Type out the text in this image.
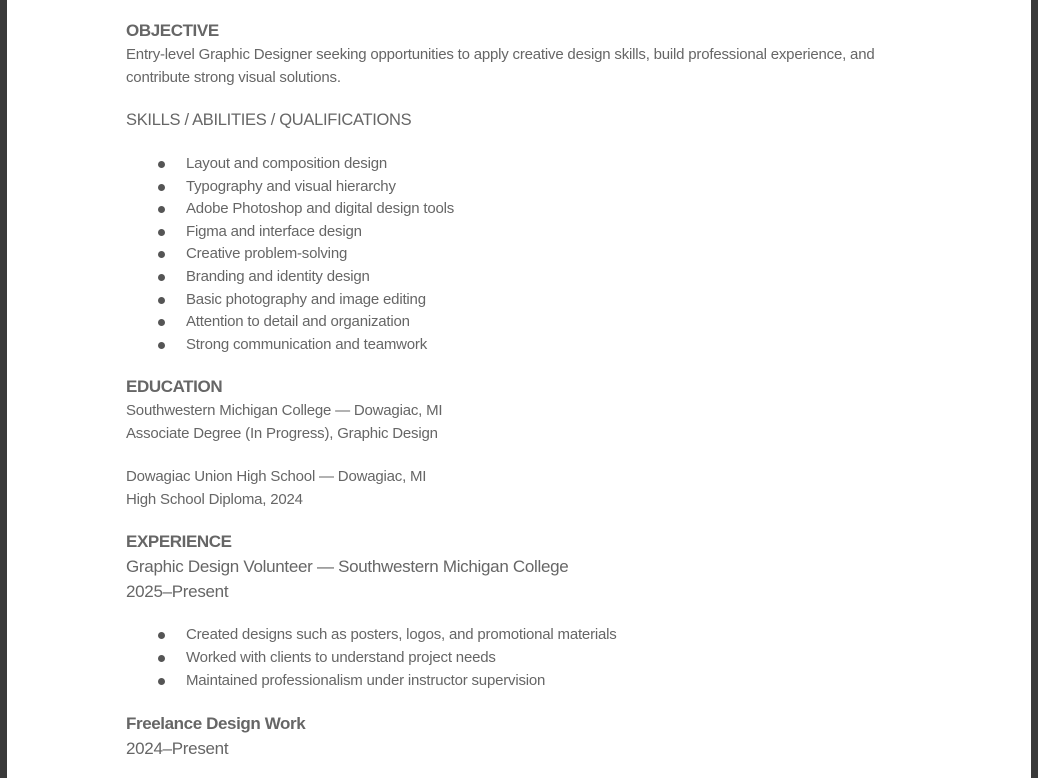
OBJECTIVE

Entry-level Graphic Designer seeking opportunities to apply creative design skills, build professional experience, and contribute strong visual solutions.

SKILLS / ABILITIES / QUALIFICATIONS

Layout and composition design
Typography and visual hierarchy
Adobe Photoshop and digital design tools
Figma and interface design
Creative problem-solving
Branding and identity design
Basic photography and image editing
Attention to detail and organization
Strong communication and teamwork

EDUCATION

Southwestern Michigan College — Dowagiac, MI

Associate Degree (In Progress), Graphic Design

Dowagiac Union High School — Dowagiac, MI

High School Diploma, 2024

EXPERIENCE

Graphic Design Volunteer — Southwestern Michigan College

2025–Present

Created designs such as posters, logos, and promotional materials
Worked with clients to understand project needs
Maintained professionalism under instructor supervision

Freelance Design Work

2024–Present
